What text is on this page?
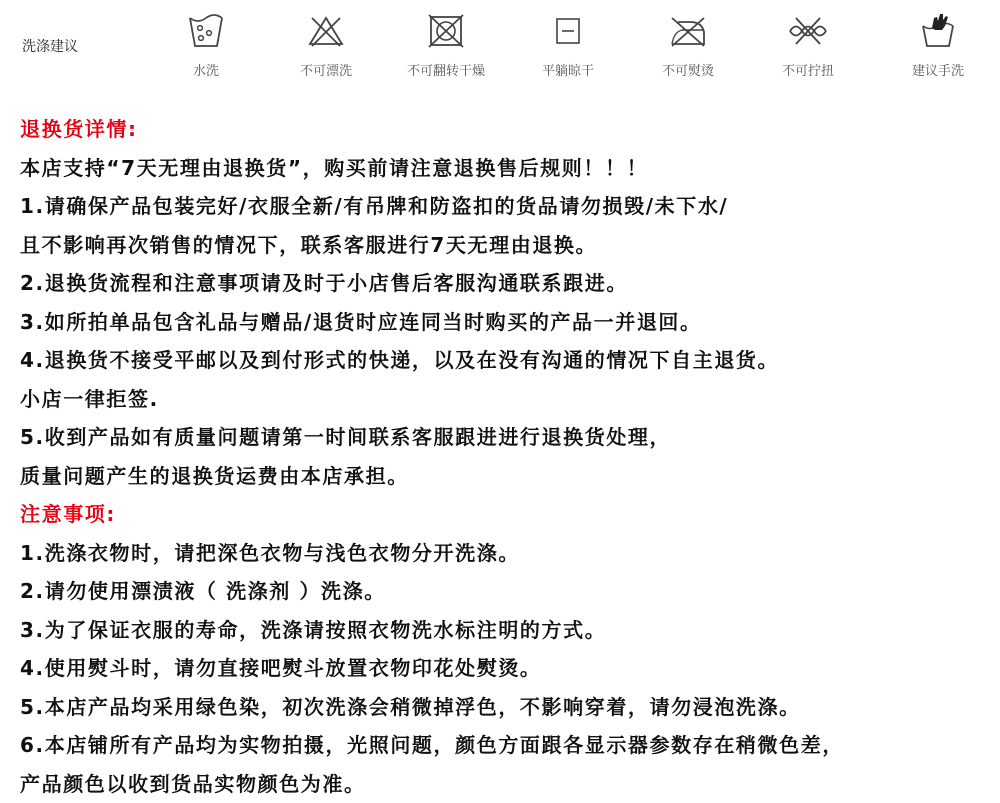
洗涤建议
水洗	不可漂洗	不可翻转干燥	平躺晾干	不可熨烫	不可拧扭	建议手洗
退换货详情:
本店支持“7天无理由退换货”，购买前请注意退换售后规则！！！
1.请确保产品包装完好/衣服全新/有吊牌和防盗扣的货品请勿损毁/未下水/
且不影响再次销售的情况下，联系客服进行7天无理由退换。
2.退换货流程和注意事项请及时于小店售后客服沟通联系跟进。
3.如所拍单品包含礼品与赠品/退货时应连同当时购买的产品一并退回。
4.退换货不接受平邮以及到付形式的快递，以及在没有沟通的情况下自主退货。
小店一律拒签.
5.收到产品如有质量问题请第一时间联系客服跟进进行退换货处理，
质量问题产生的退换货运费由本店承担。
注意事项:
1.洗涤衣物时，请把深色衣物与浅色衣物分开洗涤。
2.请勿使用漂渍液（ 洗涤剂 ）洗涤。
3.为了保证衣服的寿命，洗涤请按照衣物洗水标注明的方式。
4.使用熨斗时，请勿直接吧熨斗放置衣物印花处熨烫。
5.本店产品均采用绿色染，初次洗涤会稍微掉浮色，不影响穿着，请勿浸泡洗涤。
6.本店铺所有产品均为实物拍摄，光照问题，颜色方面跟各显示器参数存在稍微色差，
产品颜色以收到货品实物颜色为准。
